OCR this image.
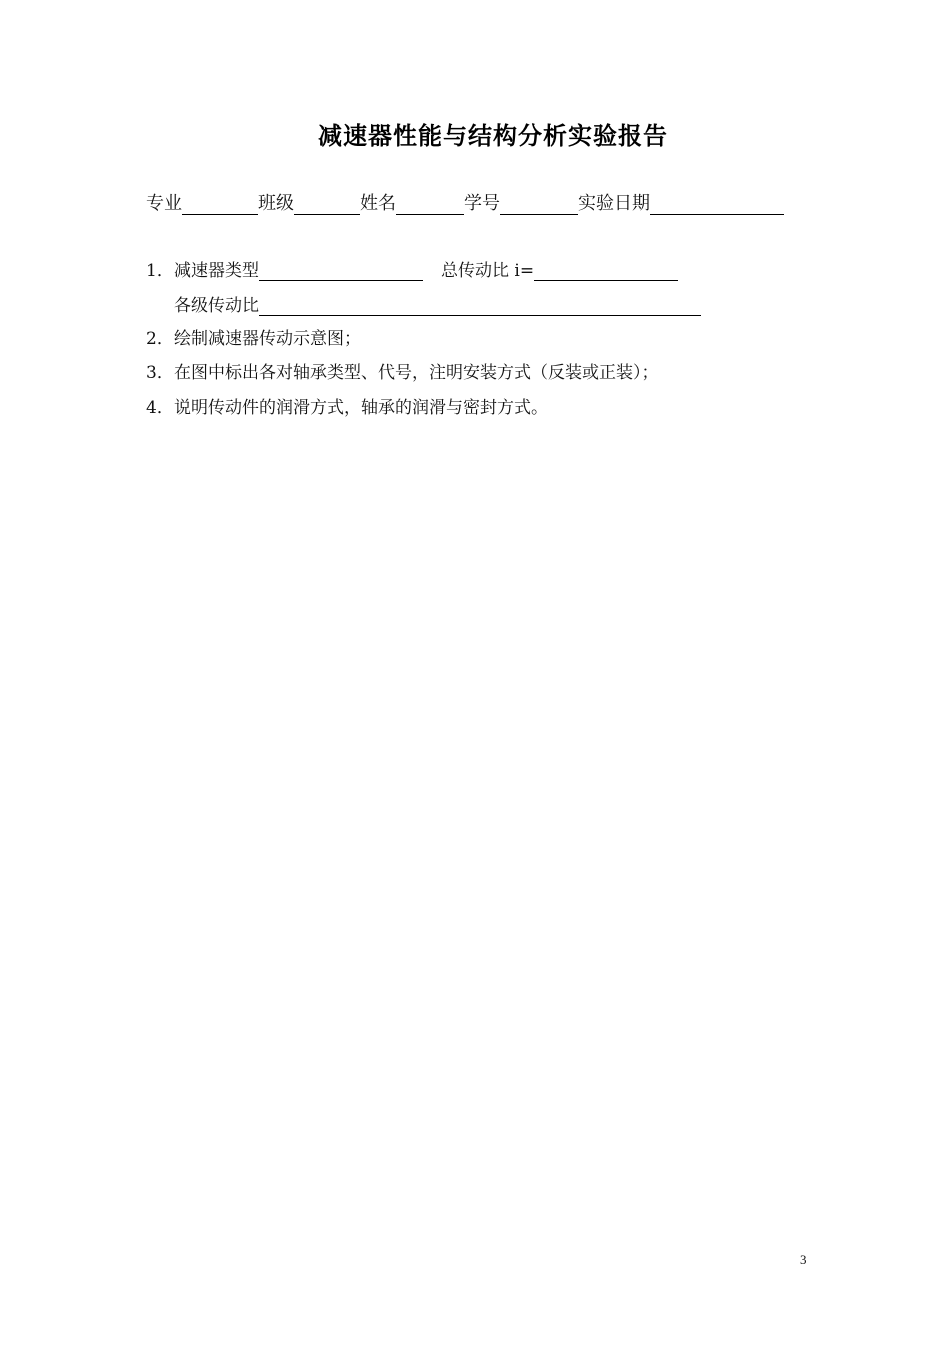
减速器性能与结构分析实验报告
专业	班级	姓名	学号	实验日期
1． 减速器类型	总传动比 i=
各级传动比
2． 绘制减速器传动示意图；
3． 在图中标出各对轴承类型、代号，注明安装方式（反装或正装）；
4． 说明传动件的润滑方式，轴承的润滑与密封方式。
3
